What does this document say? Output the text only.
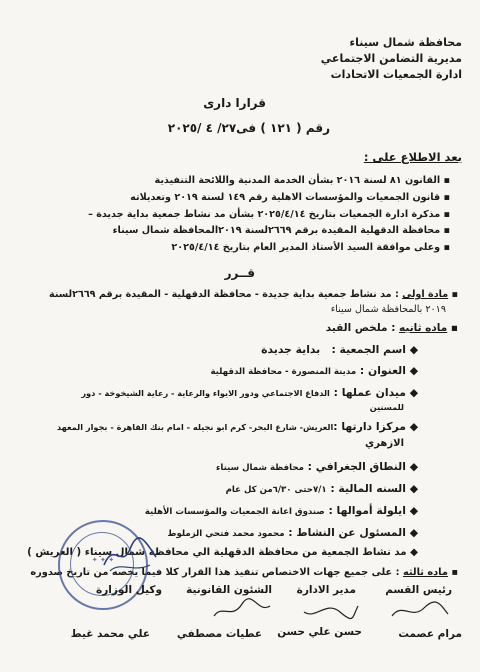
محافظة شمال سيناء
مديرية التضامن الاجتماعي
ادارة الجمعيات الاتحادات
قرارا دارى
رقم ( ١٢١ ) فى٢٧/ ٤ /٢٠٢٥
بعد الاطلاع على :
▪ القانون ٨١ لسنة ٢٠١٦ بشأن الخدمة المدنية واللائحة التنفيذية
▪ قانون الجمعيات والمؤسسات الاهلية رقم ١٤٩ لسنة ٢٠١٩ وتعديلاته
▪ مذكرة ادارة الجمعيات بتاريخ ٢٠٢٥/٤/١٤ بشأن مد نشاط جمعية بداية جديدة –
▪ محافظة الدقهلية المقيدة برقم ٢٦٦٩لسنة ٢٠١٩المحافظة شمال سيناء
▪ وعلى موافقة السيد الأستاذ المدير العام بتاريخ ٢٠٢٥/٤/١٤
قــرر
▪ مادة اولى : مد نشاط جمعية بداية جديدة - محافظة الدقهلية - المقيدة برقم ٢٦٦٩لسنة
٢٠١٩ بالمحافظة شمال سيناء
▪ ماده ثانيه : ملخص القيد
◆ اسم الجمعية :   بداية جديدة
◆ العنوان : مدينة المنصورة - محافظة الدقهلية
◆ ميدان عملها : الدفاع الاجتماعي ودور الايواء والرعاية - رعاية الشيخوخة - دور
للمسنين
◆ مركزا دارتها :العريش- شارع البحر- كرم ابو نجيله - امام بنك القاهرة - بجوار المعهد
الازهري
◆ النطاق الجغرافي : محافظة شمال سيناء
◆ السنه المالية : ٧/١حتى ٦/٣٠من كل عام
◆ ايلولة أموالها : صندوق اعانة الجمعيات والمؤسسات الأهلية
◆ المسئول عن النشاط : محمود محمد فتحي الزملوط
◆ مد نشاط الجمعية من محافظة الدقهلية الي محافظة شمال سيناء ( العريش )
▪ ماده ثالثه : على جميع جهات الاختصاص تنفيذ هذا القرار كلا فيما يخصه من تاريخ صدوره
✦ ✦ ✦
رئيس القسم
مدير الادارة
الشئون القانونية
وكيل الوزارة
مرام عصمت
حسن علي حسن
عطيات مصطفي
علي محمد غيط
